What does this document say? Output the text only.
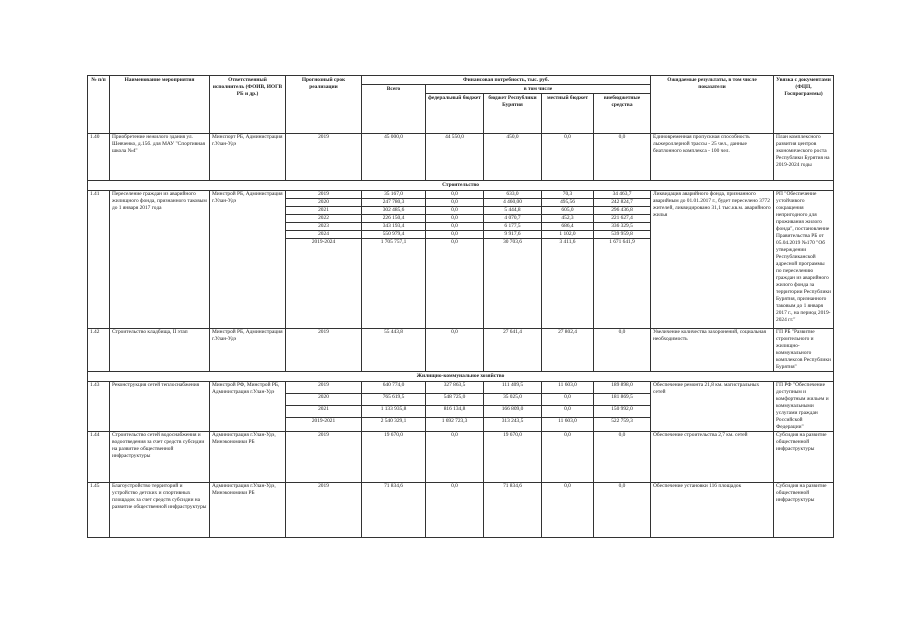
№ п/п	Наименование мероприятия	Ответственный исполнитель (ФОИВ, ИОГВ РБ и др.)	Прогнозный срок реализации	Финансовая потребность, тыс. руб.					Ожидаемые результаты, в том числе показатели	Увязка с документами (ФЦП, Госпрограммы)
				Всего	в том числе					
					федеральный бюджет	бюджет Республики Бурятия	местный бюджет	внебюджетные средства		
1.40	Приобретение нежилого здания ул. Шевченко, д.15б. для МАУ "Спортивная школа №4"	Минспорт РБ, Администрация г.Улан-Удэ	2019	45 000,0	44 550,0	450,0	0,0	0,0	Единовременная пропускная способность лыжероллерной трассы - 25 чел., данные биатлонного комплекса - 100 чел.	План комплексного развития центров экономического роста Республики Бурятия на 2019-2024 годы
Строительство										
1.41	Переселение граждан из аварийного жилищного фонда, признанного таковым до 1 января 2017 года	Минстрой РБ, Администрация г.Улан-Удэ	2019	35 167,0	0,0	633,0	70,3	34 463,7	Ликвидация аварийного фонда, признанного аварийным до 01.01.2017 г., будет переселено 3772 жителей, ликвидировано 31,1 тыс.кв.м. аварийного жилья	РП "Обеспечение устойчивого сокращения непригодного для проживания жилого фонда", постановление Правительства РБ от 05.04.2019 №170 "Об утверждении Республиканской адресной программы по переселению граждан из аварийного жилого фонда за территории Республики Бурятия, признанного таковым до 1 января 2017 г., на период 2019-2024 гг."
			2020	247 780,3	0,0	4 460,00	495,56	242 824,7		
			2021	302 485,6	0,0	5 444,8	605,0	296 436,8		
			2022	226 150,4	0,0	4 070,7	452,3	221 627,4		
			2023	343 193,4	0,0	6 177,5	686,4	336 329,5		
			2024	550 979,4	0,0	9 917,6	1 102,0	539 959,8		
			2019-2024	1 705 757,1	0,0	30 703,6	3 411,6	1 671 641,9		

1.42	Строительство кладбища, II этап	Минстрой РБ, Администрация г.Улан-Удэ	2019	55 443,8	0,0	27 641,4	27 802,4	0,0	Увеличение количества захоронений, социальная необходимость	ГП РБ "Развитие строительного и жилищно-коммунального комплексов Республики Бурятия"
Жилищно-коммунальное хозяйство										
1.43	Реконструкция сетей теплоснабжения	Минстрой РФ, Минстрой РБ, Администрация г.Улан-Удэ	2019	640 774,0	327 863,5	111 409,5	11 603,0	189 898,0	Обеспечение ремонта 21,8 км. магистральных сетей	ГП РФ "Обеспечение доступным и комфортным жильем и коммунальными услугами граждан Российской Федерации"
			2020	765 619,5	548 725,0	35 025,0	0,0	181 869,5		
			2021	1 133 935,8	816 134,8	166 809,0	0,0	150 992,0		
			2019-2021	2 540 329,1	1 692 723,3	313 243,5	11 603,0	522 759,3		

1.44	Строительство сетей водоснабжения и водоотведения за счет средств субсидии на развитие общественной инфраструктуры	Администрация г.Улан-Удэ, Минэкономики РБ	2019	19 670,0	0,0	19 670,0	0,0	0,0	Обеспечение строительства 2,7 км. сетей	Субсидия на развитие общественной инфраструктуры
1.45	Благоустройство территорий и устройство детских и спортивных площадок за счет средств субсидии на развитие общественной инфраструктуры	Администрация г.Улан-Удэ, Минэкономики РБ	2019	71 834,6	0,0	71 834,6	0,0	0,0	Обеспечение установки 116 площадок	Субсидия на развитие общественной инфраструктуры
